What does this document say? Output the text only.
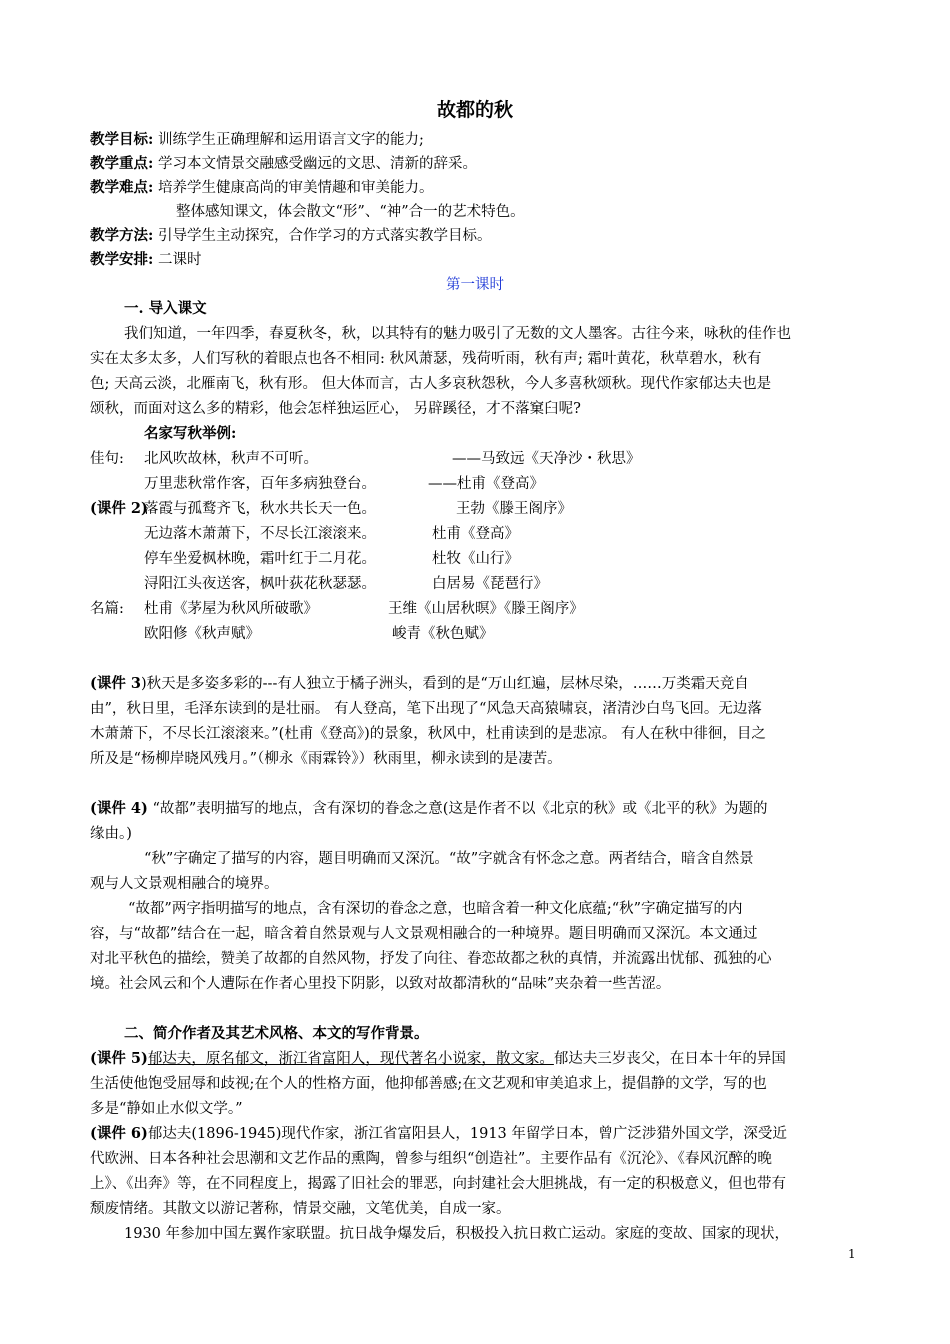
故都的秋
教学目标: 训练学生正确理解和运用语言文字的能力;
教学重点: 学习本文情景交融感受幽远的文思、清新的辞采。
教学难点: 培养学生健康高尚的审美情趣和审美能力。
整体感知课文，体会散文“形”、“神”合一的艺术特色。
教学方法: 引导学生主动探究，合作学习的方式落实教学目标。
教学安排: 二课时
第一课时
一. 导入课文
我们知道，一年四季，春夏秋冬，秋，以其特有的魅力吸引了无数的文人墨客。古往今来，咏秋的佳作也
实在太多太多，人们写秋的着眼点也各不相同: 秋风萧瑟，残荷听雨，秋有声; 霜叶黄花，秋草碧水，秋有
色; 天高云淡，北雁南飞，秋有形。 但大体而言，古人多哀秋怨秋，今人多喜秋颂秋。现代作家郁达夫也是
颂秋，而面对这么多的精彩，他会怎样独运匠心， 另辟蹊径，才不落窠臼呢?
名家写秋举例:
佳句: 北风吹故林，秋声不可听。	——马致远《天净沙・秋思》
万里悲秋常作客，百年多病独登台。	——杜甫《登高》
(课件 2)
落霞与孤鹜齐飞，秋水共长天一色。	王勃《滕王阁序》
无边落木萧萧下，不尽长江滚滚来。	杜甫《登高》
停车坐爱枫林晚，霜叶红于二月花。	杜牧《山行》
浔阳江头夜送客，枫叶荻花秋瑟瑟。	白居易《琵琶行》
名篇: 杜甫《茅屋为秋风所破歌》	王维《山居秋暝》《滕王阁序》
欧阳修《秋声赋》	峻青《秋色赋》
(课件 3)秋天是多姿多彩的---有人独立于橘子洲头，看到的是“万山红遍，层林尽染，……万类霜天竞自
由”，秋日里，毛泽东读到的是壮丽。 有人登高，笔下出现了“风急天高猿啸哀，渚清沙白鸟飞回。无边落
木萧萧下，不尽长江滚滚来。”(杜甫《登高》)的景象，秋风中，杜甫读到的是悲凉。 有人在秋中徘徊，目之
所及是“杨柳岸晓风残月。”（柳永《雨霖铃》）秋雨里，柳永读到的是凄苦。
(课件 4) “故都”表明描写的地点，含有深切的眷念之意(这是作者不以《北京的秋》或《北平的秋》为题的
缘由。)
“秋”字确定了描写的内容，题目明确而又深沉。“故”字就含有怀念之意。两者结合，暗含自然景
观与人文景观相融合的境界。
“故都”两字指明描写的地点，含有深切的眷念之意，也暗含着一种文化底蕴;“秋”字确定描写的内
容，与“故都”结合在一起，暗含着自然景观与人文景观相融合的一种境界。题目明确而又深沉。本文通过
对北平秋色的描绘，赞美了故都的自然风物，抒发了向往、眷恋故都之秋的真情，并流露出忧郁、孤独的心
境。社会风云和个人遭际在作者心里投下阴影，以致对故都清秋的“品味”夹杂着一些苦涩。
二、简介作者及其艺术风格、本文的写作背景。
(课件 5)郁达夫，原名郁文，浙江省富阳人，现代著名小说家，散文家。郁达夫三岁丧父，在日本十年的异国
生活使他饱受屈辱和歧视;在个人的性格方面，他抑郁善感;在文艺观和审美追求上，提倡静的文学，写的也
多是“静如止水似文学。”
(课件 6)郁达夫(1896-1945)现代作家，浙江省富阳县人，1913 年留学日本，曾广泛涉猎外国文学，深受近
代欧洲、日本各种社会思潮和文艺作品的熏陶，曾参与组织“创造社”。主要作品有《沉沦》、《春风沉醉的晚
上》、《出奔》等，在不同程度上，揭露了旧社会的罪恶，向封建社会大胆挑战，有一定的积极意义，但也带有
颓废情绪。其散文以游记著称，情景交融，文笔优美，自成一家。
1930 年参加中国左翼作家联盟。抗日战争爆发后，积极投入抗日救亡运动。家庭的变故、国家的现状，
1
